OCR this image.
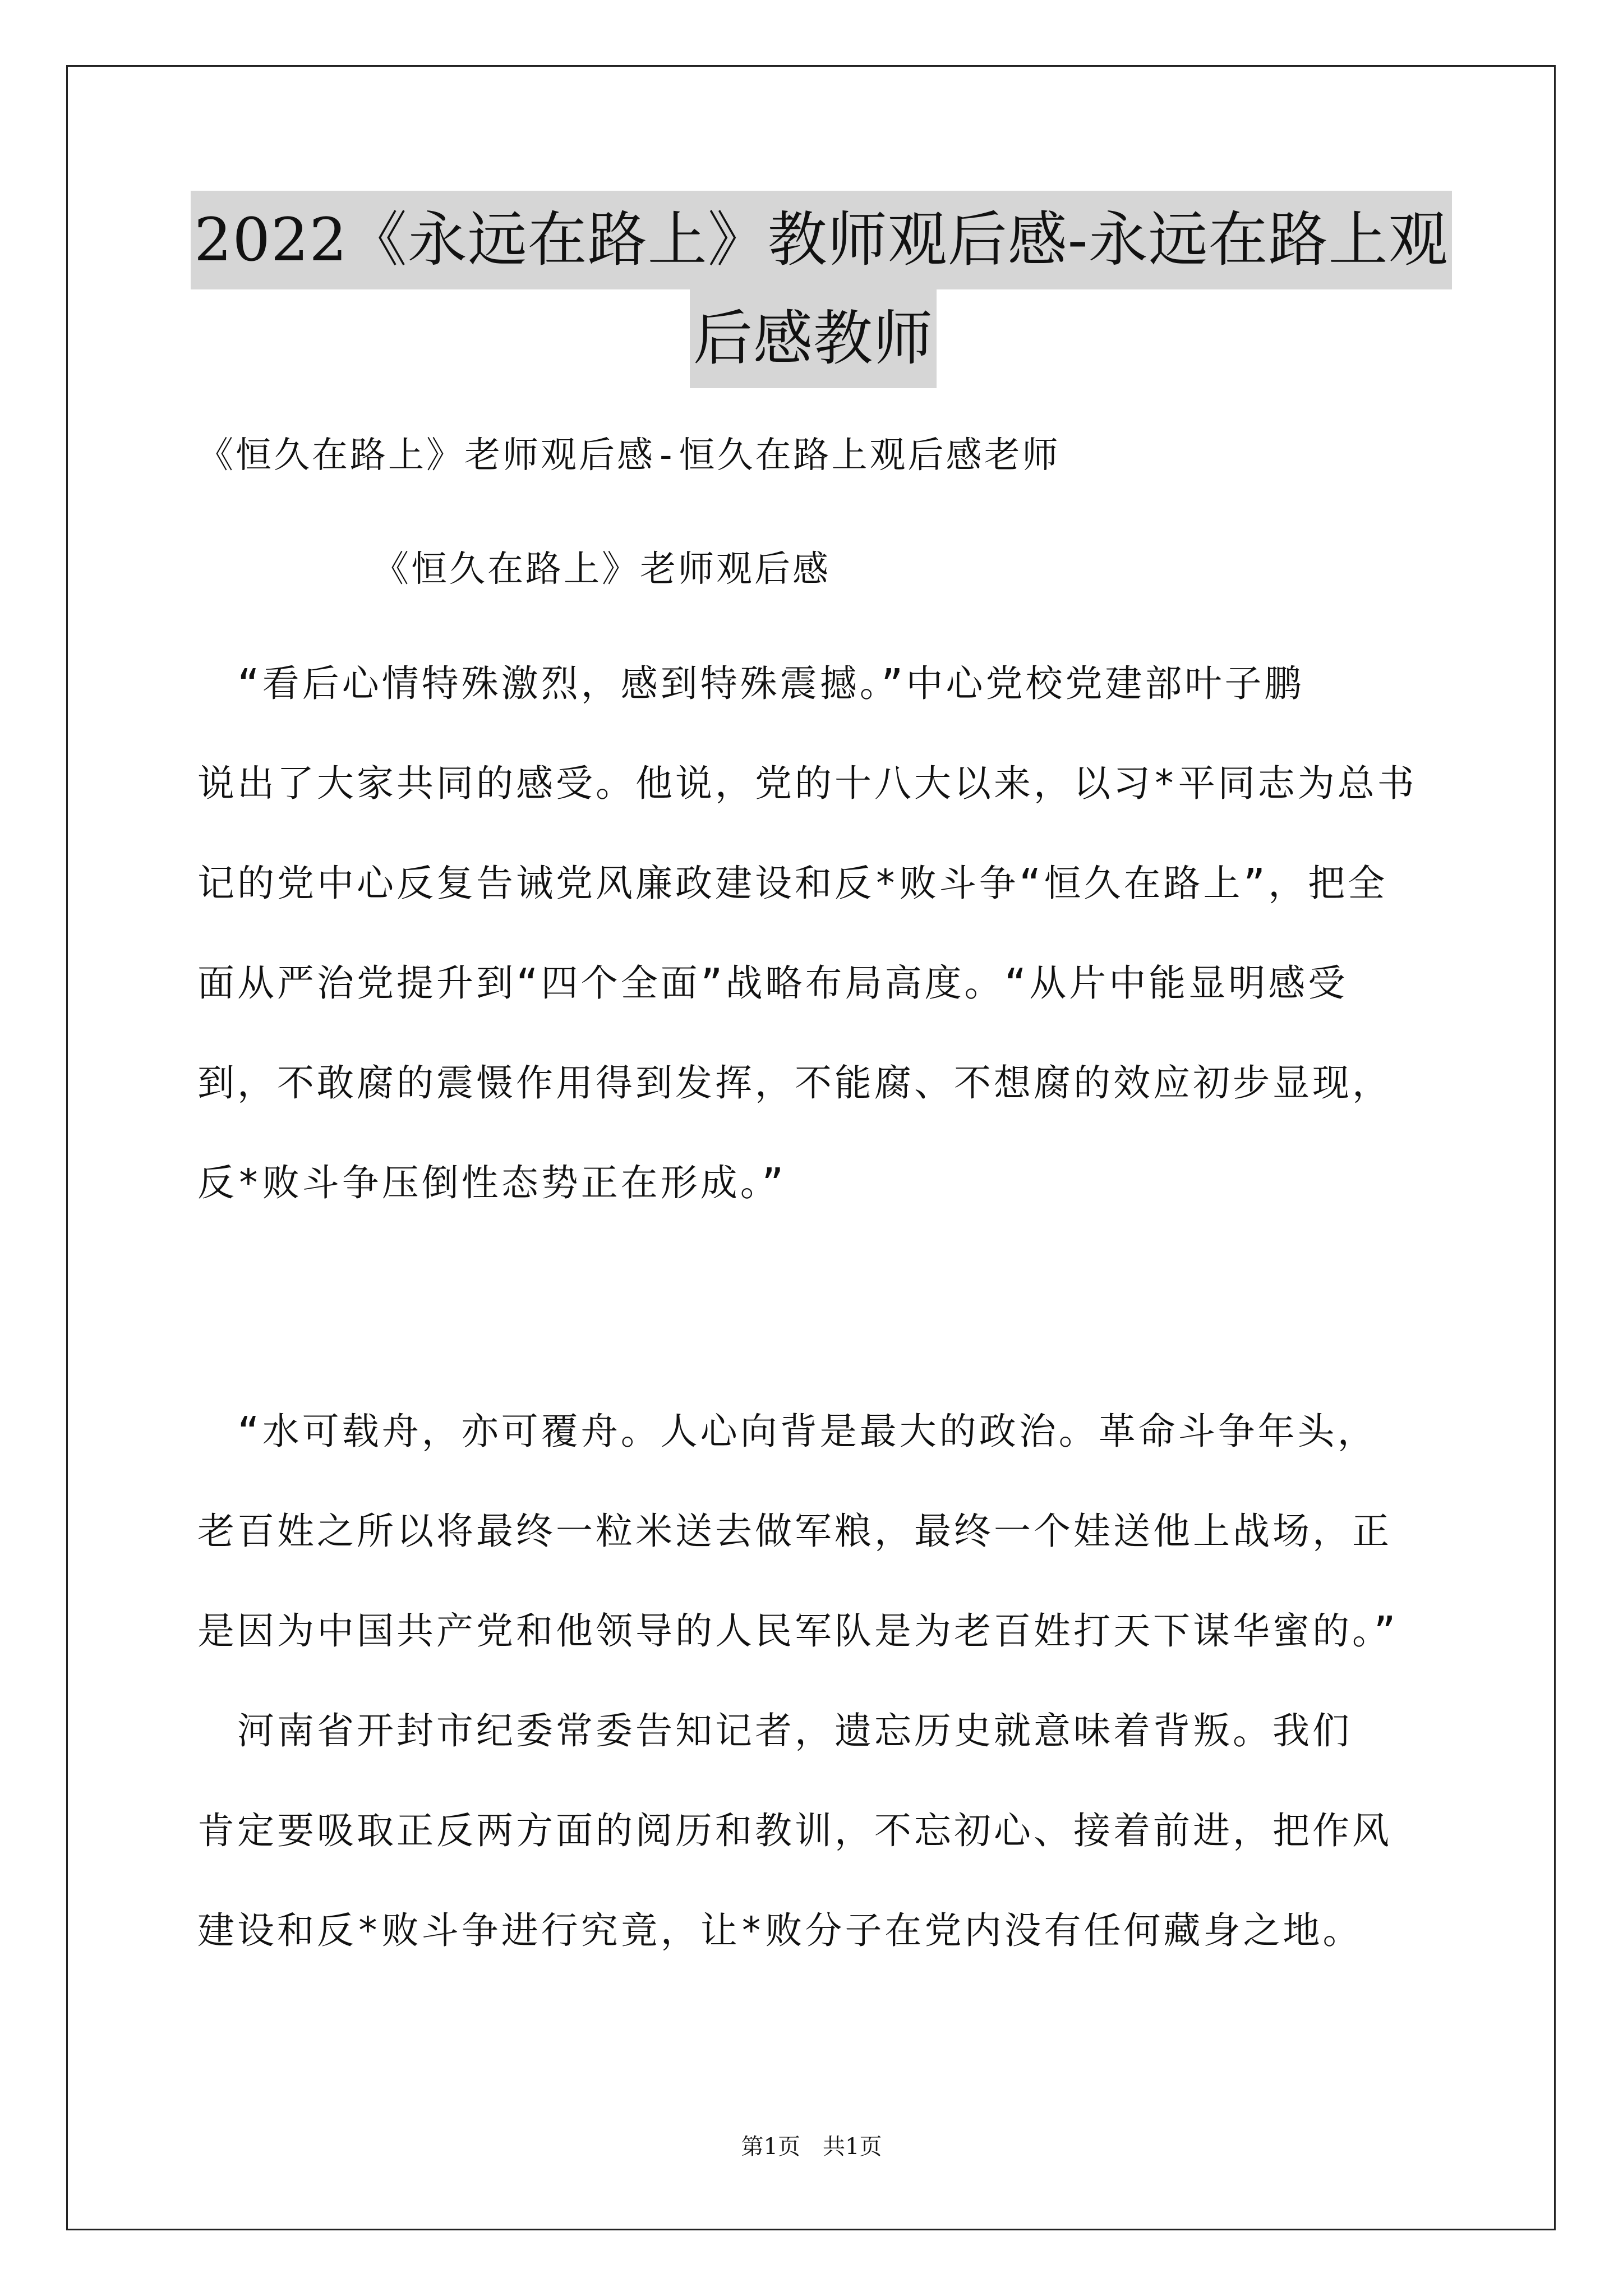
2022《永远在路上》教师观后感-永远在路上观
后感教师
《恒久在路上》老师观后感-恒久在路上观后感老师
《恒久在路上》老师观后感
　“看后心情特殊激烈，感到特殊震撼。”中心党校党建部叶子鹏
说出了大家共同的感受。他说，党的十八大以来，以习*平同志为总书
记的党中心反复告诫党风廉政建设和反*败斗争“恒久在路上”，把全
面从严治党提升到“四个全面”战略布局高度。“从片中能显明感受
到，不敢腐的震慑作用得到发挥，不能腐、不想腐的效应初步显现，
反*败斗争压倒性态势正在形成。”
　“水可载舟，亦可覆舟。人心向背是最大的政治。革命斗争年头，
老百姓之所以将最终一粒米送去做军粮，最终一个娃送他上战场，正
是因为中国共产党和他领导的人民军队是为老百姓打天下谋华蜜的。”
　河南省开封市纪委常委告知记者，遗忘历史就意味着背叛。我们
肯定要吸取正反两方面的阅历和教训，不忘初心、接着前进，把作风
建设和反*败斗争进行究竟，让*败分子在党内没有任何藏身之地。
第1页　共1页
